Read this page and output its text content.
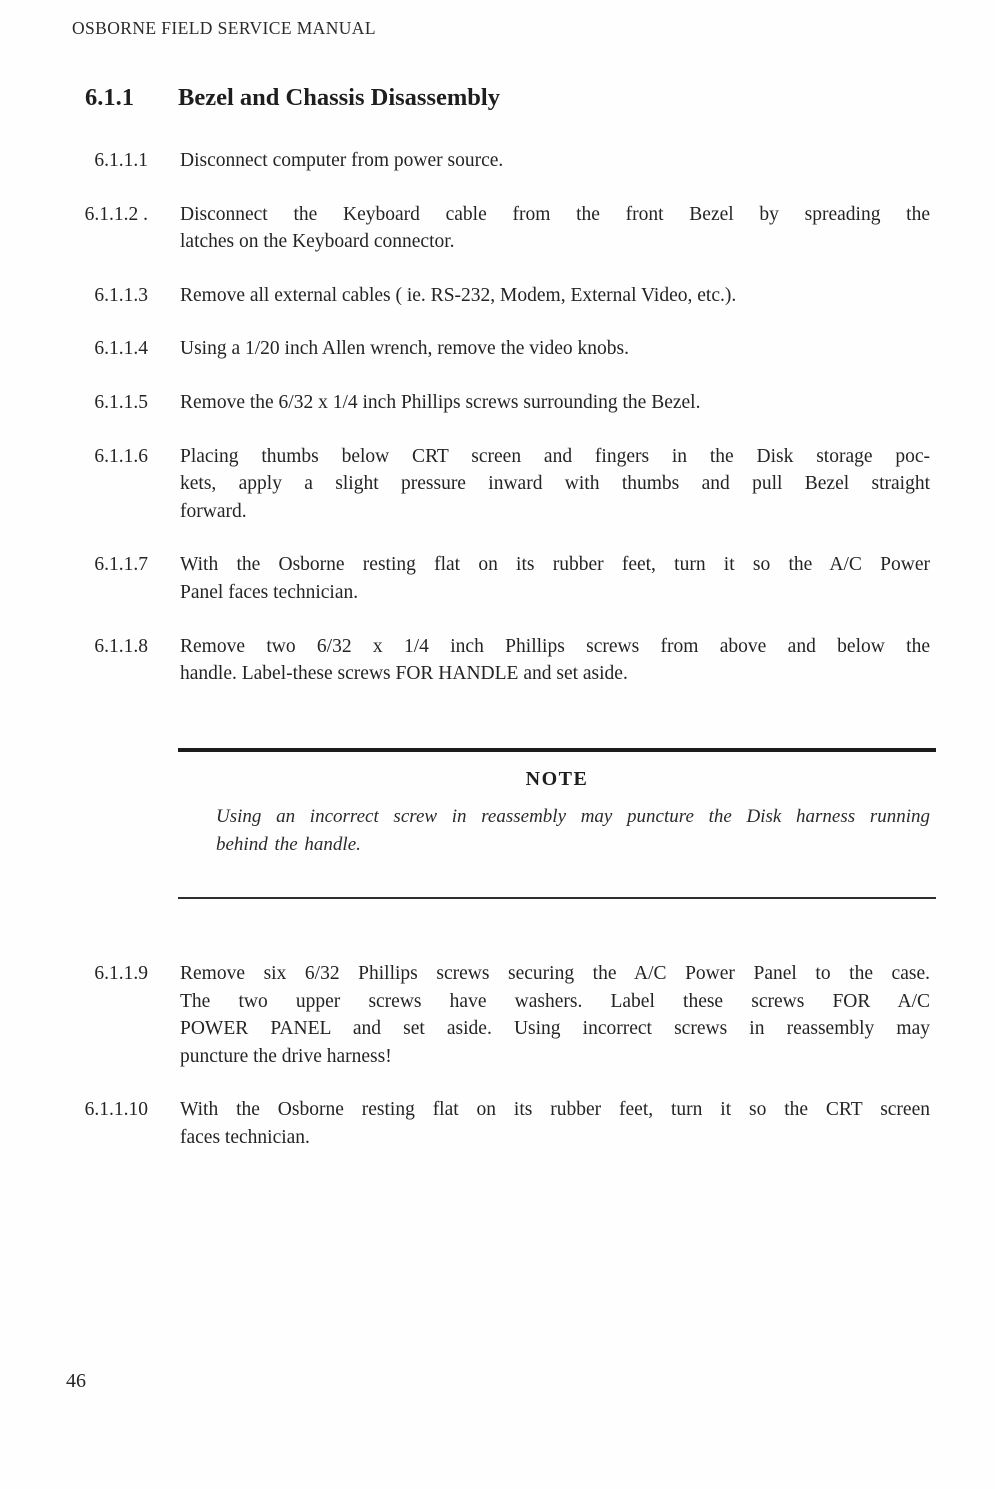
OSBORNE FIELD SERVICE MANUAL
6.1.1 Bezel and Chassis Disassembly
6.1.1.1 Disconnect computer from power source.
6.1.1.2 . Disconnect the Keyboard cable from the front Bezel by spreading the
latches on the Keyboard connector.
6.1.1.3 Remove all external cables ( ie. RS-232, Modem, External Video, etc.).
6.1.1.4 Using a 1/20 inch Allen wrench, remove the video knobs.
6.1.1.5 Remove the 6/32 x 1/4 inch Phillips screws surrounding the Bezel.
6.1.1.6 Placing thumbs below CRT screen and fingers in the Disk storage poc-
kets, apply a slight pressure inward with thumbs and pull Bezel straight
forward.
6.1.1.7 With the Osborne resting flat on its rubber feet, turn it so the A/C Power
Panel faces technician.
6.1.1.8 Remove two 6/32 x 1/4 inch Phillips screws from above and below the
handle. Label-these screws FOR HANDLE and set aside.
NOTE
Using an incorrect screw in reassembly may puncture the Disk harness running
behind the handle.
6.1.1.9 Remove six 6/32 Phillips screws securing the A/C Power Panel to the case.
The two upper screws have washers. Label these screws FOR A/C
POWER PANEL and set aside. Using incorrect screws in reassembly may
puncture the drive harness!
6.1.1.10 With the Osborne resting flat on its rubber feet, turn it so the CRT screen
faces technician.
46
